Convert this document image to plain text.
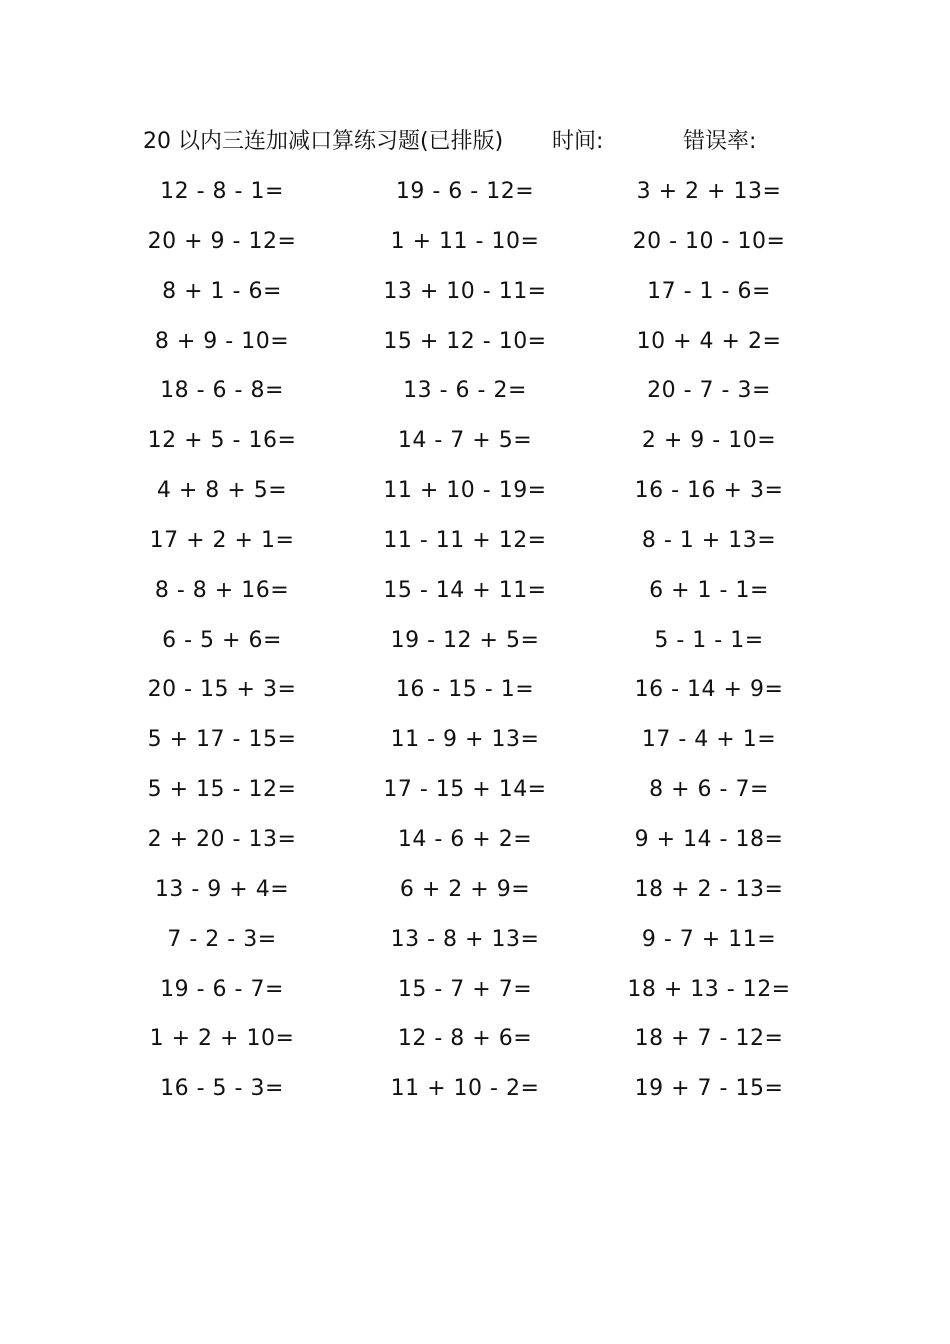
20 以内三连加减口算练习题(已排版) 时间:	错误率:
12 - 8 - 1=	19 - 6 - 12=	3 + 2 + 13=
20 + 9 - 12=	1 + 11 - 10=	20 - 10 - 10=
8 + 1 - 6=	13 + 10 - 11=	17 - 1 - 6=
8 + 9 - 10=	15 + 12 - 10=	10 + 4 + 2=
18 - 6 - 8=	13 - 6 - 2=	20 - 7 - 3=
12 + 5 - 16=	14 - 7 + 5=	2 + 9 - 10=
4 + 8 + 5=	11 + 10 - 19=	16 - 16 + 3=
17 + 2 + 1=	11 - 11 + 12=	8 - 1 + 13=
8 - 8 + 16=	15 - 14 + 11=	6 + 1 - 1=
6 - 5 + 6=	19 - 12 + 5=	5 - 1 - 1=
20 - 15 + 3=	16 - 15 - 1=	16 - 14 + 9=
5 + 17 - 15=	11 - 9 + 13=	17 - 4 + 1=
5 + 15 - 12=	17 - 15 + 14=	8 + 6 - 7=
2 + 20 - 13=	14 - 6 + 2=	9 + 14 - 18=
13 - 9 + 4=	6 + 2 + 9=	18 + 2 - 13=
7 - 2 - 3=	13 - 8 + 13=	9 - 7 + 11=
19 - 6 - 7=	15 - 7 + 7=	18 + 13 - 12=
1 + 2 + 10=	12 - 8 + 6=	18 + 7 - 12=
16 - 5 - 3=	11 + 10 - 2=	19 + 7 - 15=
